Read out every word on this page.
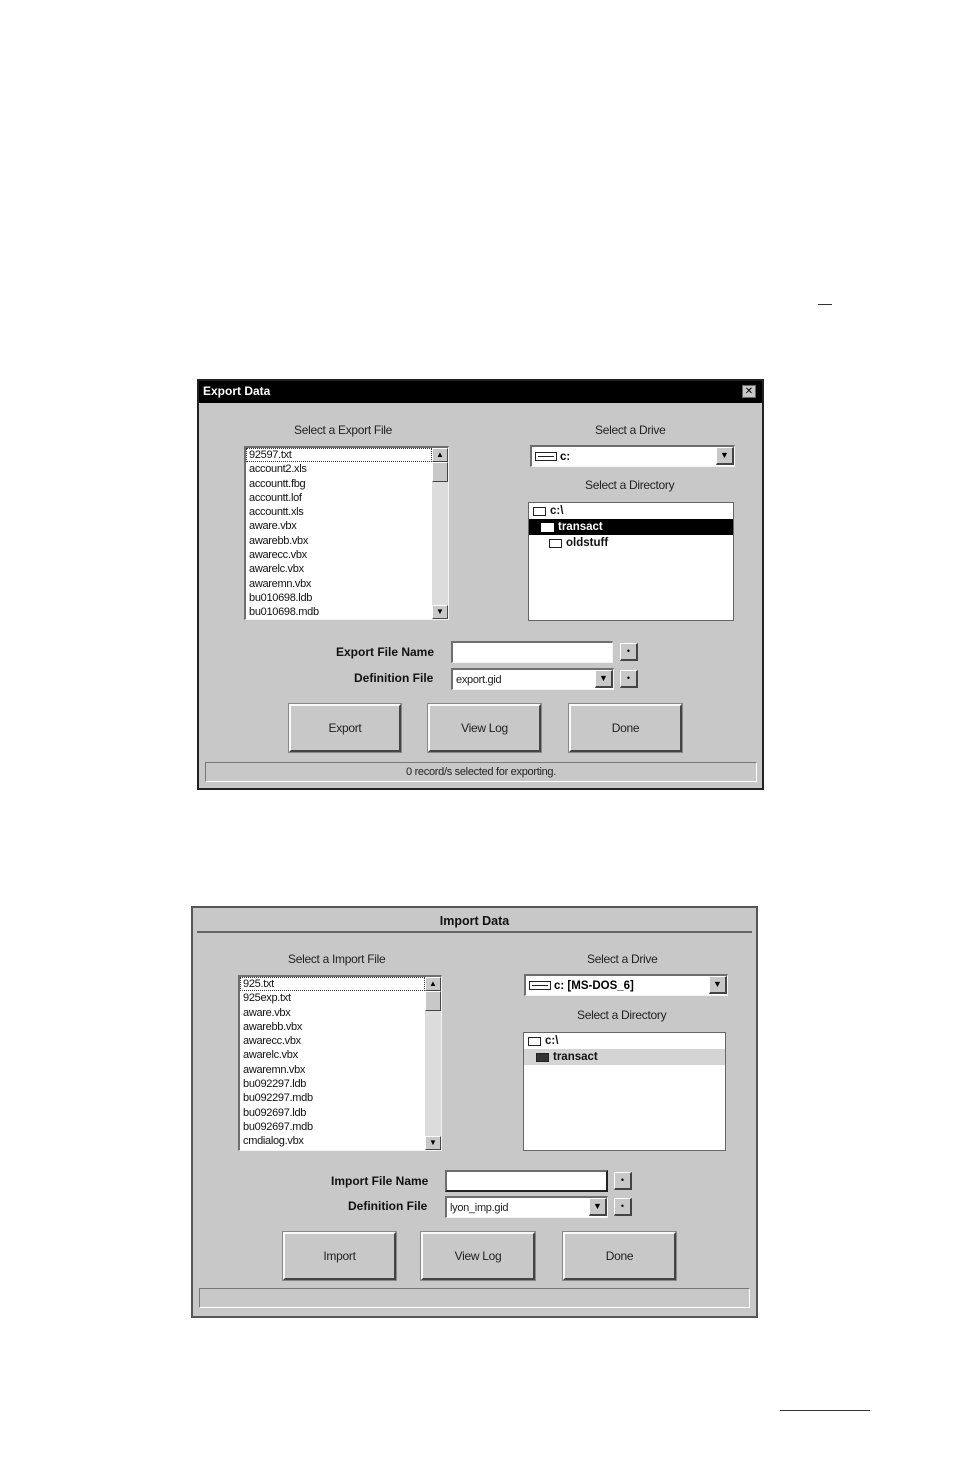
Export Data	✕
Select a Export File
92597.txt
account2.xls
accountt.fbg
accountt.lof
accountt.xls
aware.vbx
awarebb.vbx
awarecc.vbx
awarelc.vbx
awaremn.vbx
bu010698.ldb
bu010698.mdb
▲
▼
Select a Drive
c:	▼
Select a Directory
c:\
transact
oldstuff
Export File Name	•
Definition File	export.gid	▼	•
Export	View Log	Done
0 record/s selected for exporting.
Import Data
Select a Import File
925.txt
925exp.txt
aware.vbx
awarebb.vbx
awarecc.vbx
awarelc.vbx
awaremn.vbx
bu092297.ldb
bu092297.mdb
bu092697.ldb
bu092697.mdb
cmdialog.vbx
▲
▼
Select a Drive
c: [MS-DOS_6]	▼
Select a Directory
c:\
transact
Import File Name	•
Definition File	lyon_imp.gid	▼	•
Import	View Log	Done
